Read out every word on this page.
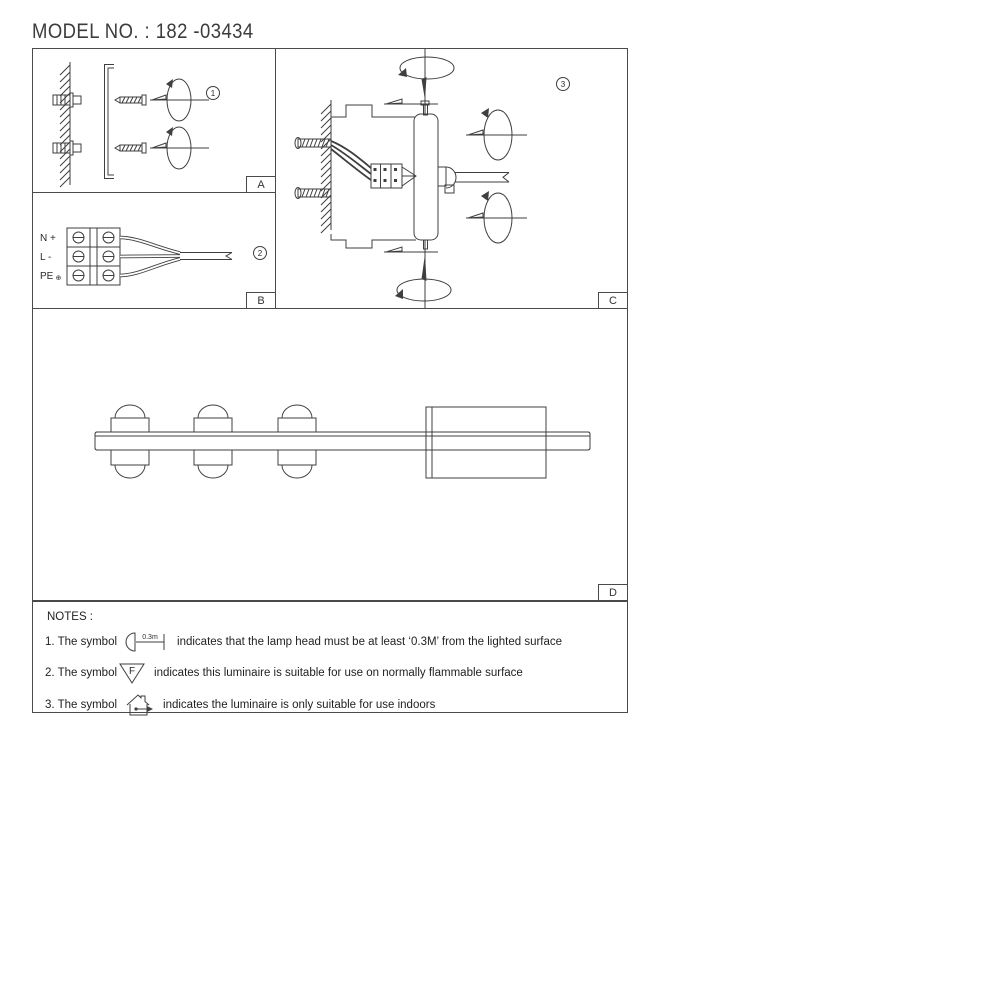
MODEL NO. : 182 -03434
1
A
N +
L -
PE ⊕
2
B
3
C
D
NOTES :
1. The symbol	0.3m indicates that the lamp head must be at least ‘0.3M’ from the lighted surface
F
2. The symbol	indicates this luminaire is suitable for use on normally flammable surface
3. The symbol	indicates the luminaire is only suitable for use indoors
